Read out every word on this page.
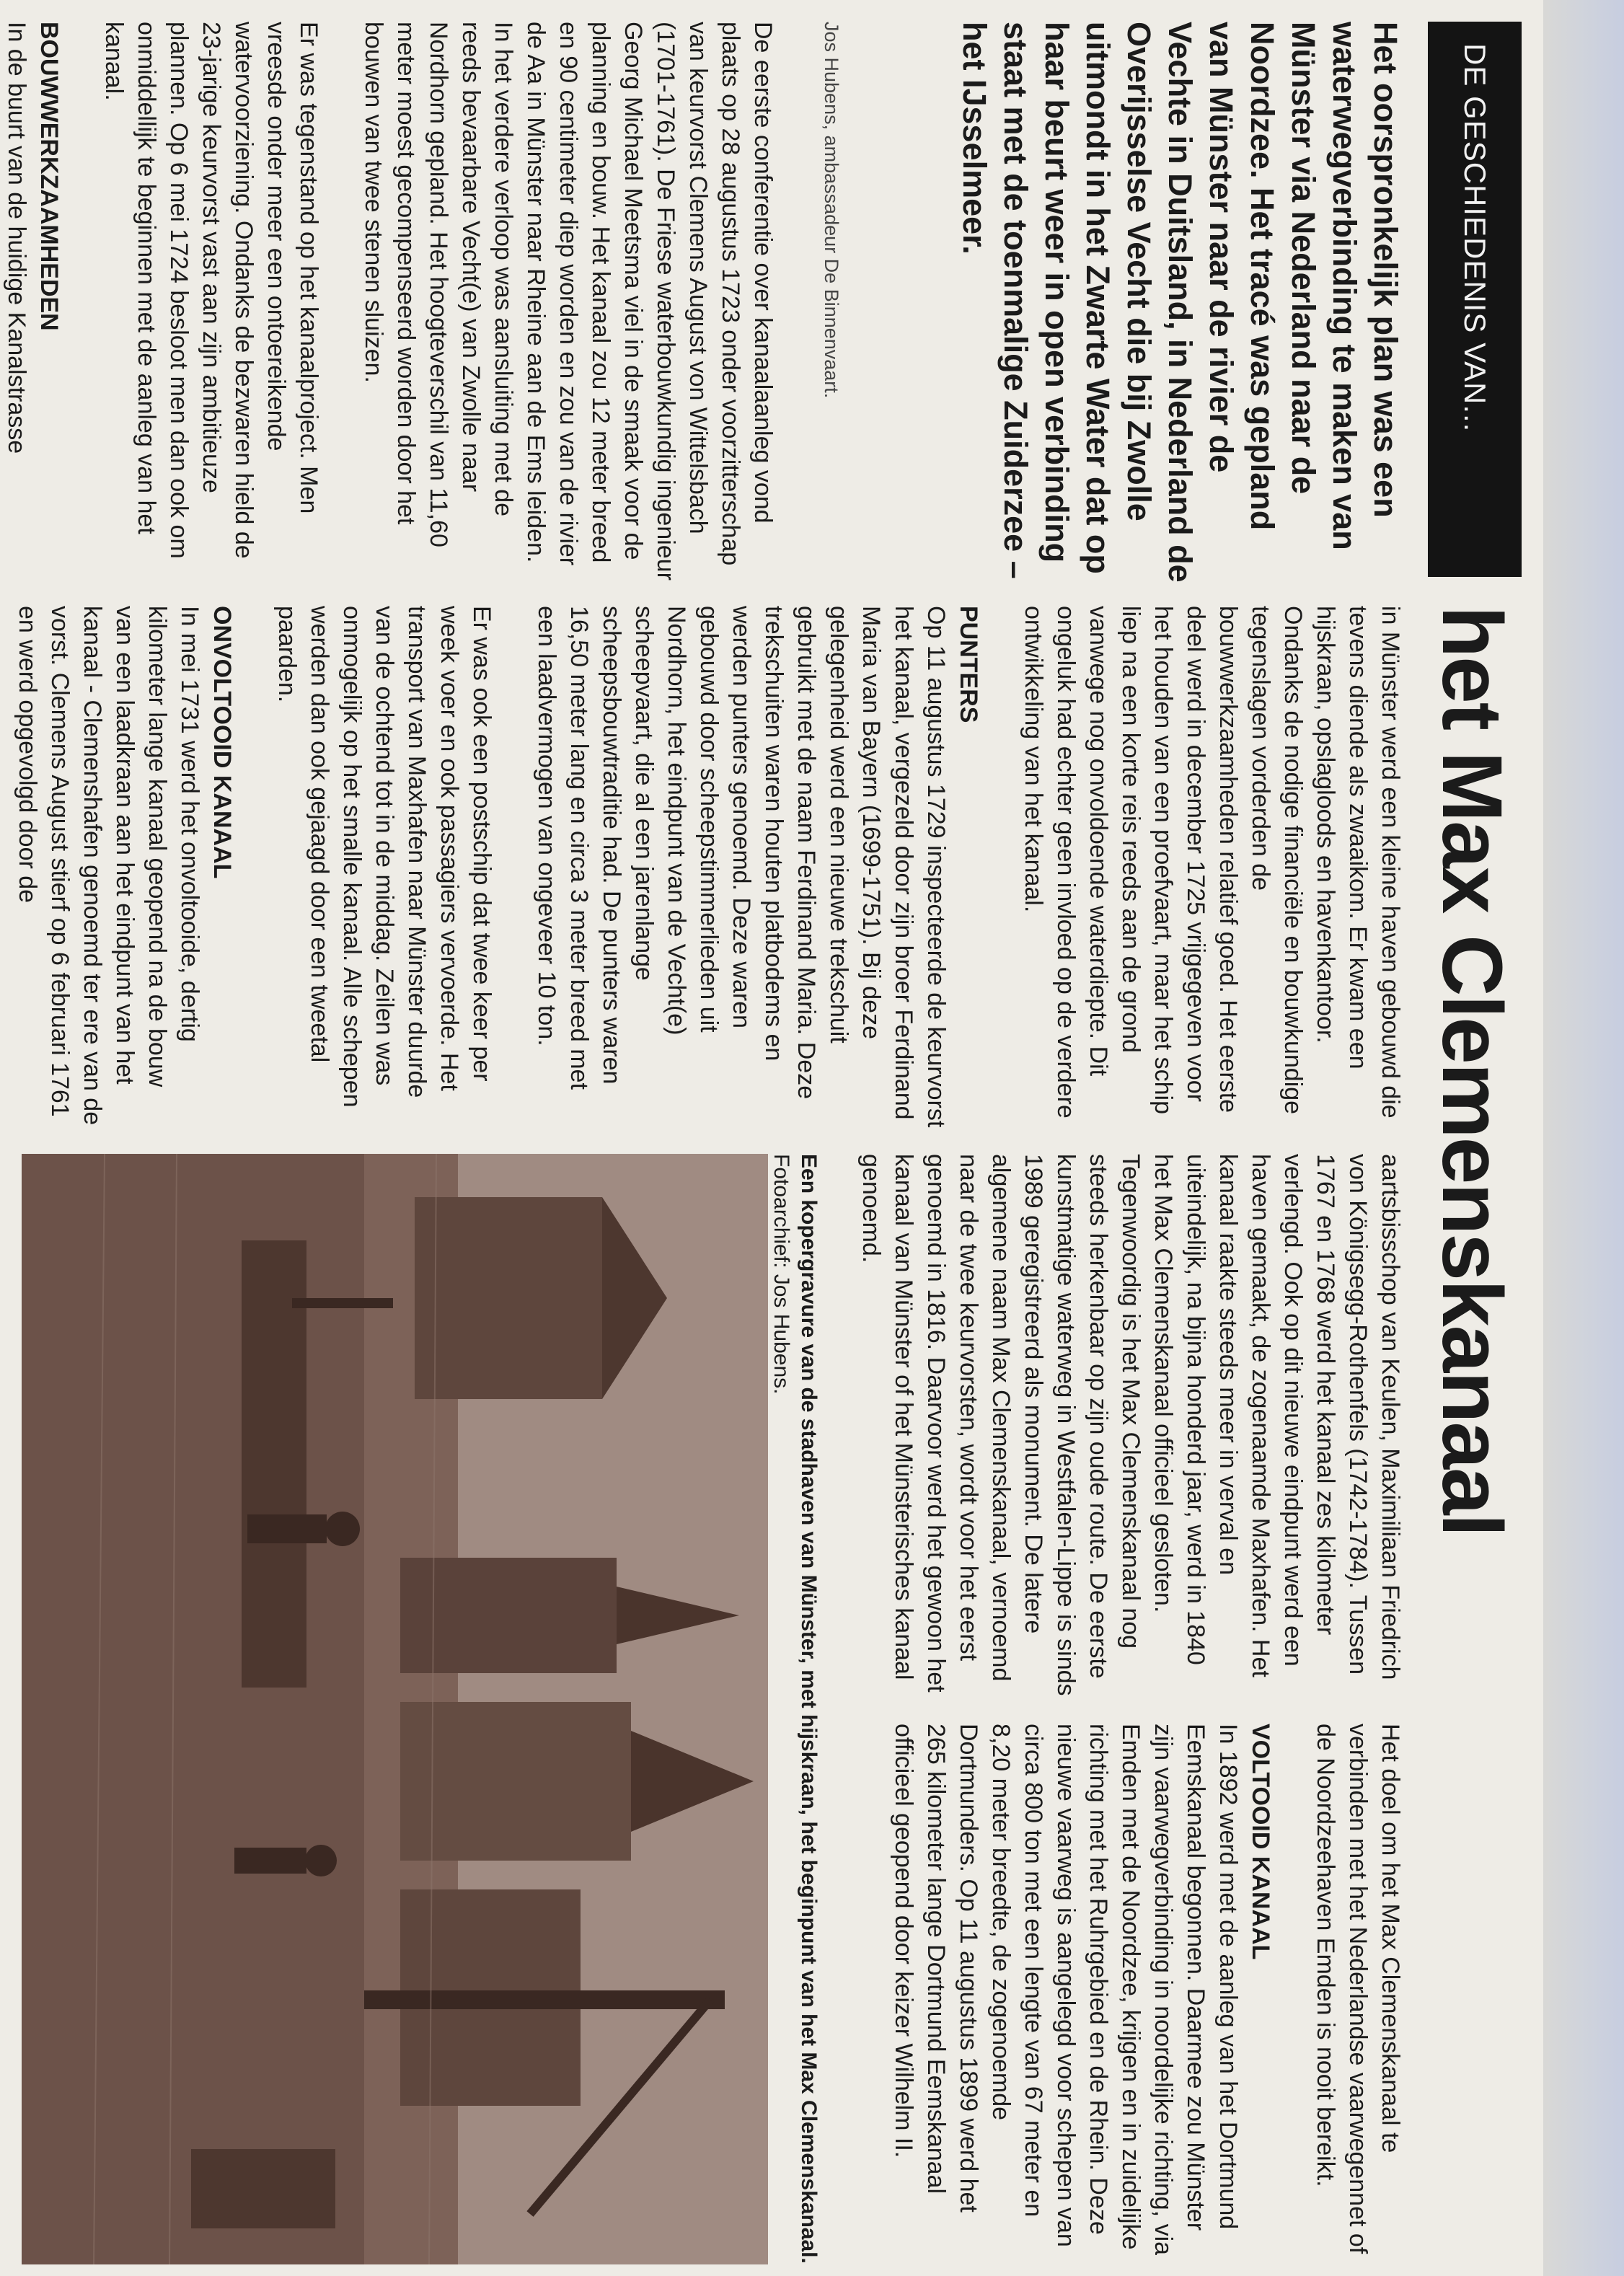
DE GESCHIEDENIS VAN...
het Max Clemenskanaal
Het oorspronkelijk plan was een waterwegverbinding te maken van Münster via Nederland naar de Noordzee. Het tracé was gepland van Münster naar de rivier de Vechte in Duitsland, in Nederland de Overijsselse Vecht die bij Zwolle uitmondt in het Zwarte Water dat op haar beurt weer in open verbinding staat met de toenmalige Zuiderzee – het IJsselmeer.
Jos Hubens, ambassadeur De Binnenvaart.

De eerste conferentie over kanaalaanleg vond plaats op 28 augustus 1723 onder voorzitterschap van keurvorst Clemens August von Wittelsbach (1701-1761). De Friese waterbouwkundig ingenieur Georg Michael Meetsma viel in de smaak voor de planning en bouw. Het kanaal zou 12 meter breed en 90 centimeter diep worden en zou van de rivier de Aa in Münster naar Rheine aan de Ems leiden. In het verdere verloop was aansluiting met de reeds bevaarbare Vecht(e) van Zwolle naar Nordhorn gepland. Het hoogteverschil van 11,60 meter moest gecompenseerd worden door het bouwen van twee stenen sluizen.

Er was tegenstand op het kanaalproject. Men vreesde onder meer een ontoereikende watervoorziening. Ondanks de bezwaren hield de 23-jarige keurvorst vast aan zijn ambitieuze plannen. Op 6 mei 1724 besloot men dan ook om onmiddellijk te beginnen met de aanleg van het kanaal.

BOUWWERKZAAMHEDEN

In de buurt van de huidige Kanalstrasse

in Münster werd een kleine haven gebouwd die tevens diende als zwaaikom. Er kwam een hijskraan, opslagloods en havenkantoor. Ondanks de nodige financiële en bouwkundige tegenslagen vorderden de bouwwerkzaamheden relatief goed. Het eerste deel werd in december 1725 vrijgegeven voor het houden van een proefvaart, maar het schip liep na een korte reis reeds aan de grond vanwege nog onvoldoende waterdiepte. Dit ongeluk had echter geen invloed op de verdere ontwikkeling van het kanaal.

PUNTERS

Op 11 augustus 1729 inspecteerde de keurvorst het kanaal, vergezeld door zijn broer Ferdinand Maria van Bayern (1699-1751). Bij deze gelegenheid werd een nieuwe trekschuit gebruikt met de naam Ferdinand Maria. Deze trekschuiten waren houten platbodems en werden punters genoemd. Deze waren gebouwd door scheepstimmerlieden uit Nordhorn, het eindpunt van de Vecht(e) scheepvaart, die al een jarenlange scheepsbouwtraditie had. De punters waren 16,50 meter lang en circa 3 meter breed met een laadvermogen van ongeveer 10 ton.

Er was ook een postschip dat twee keer per week voer en ook passagiers vervoerde. Het transport van Maxhafen naar Münster duurde van de ochtend tot in de middag. Zeilen was onmogelijk op het smalle kanaal. Alle schepen werden dan ook gejaagd door een tweetal paarden.

ONVOLTOOID KANAAL

In mei 1731 werd het onvoltooide, dertig kilometer lange kanaal geopend na de bouw van een laadkraan aan het eindpunt van het kanaal - Clemenshafen genoemd ter ere van de vorst. Clemens August stierf op 6 februari 1761 en werd opgevolgd door de

Een kopergravure van de stadhaven van Münster, met hijskraan, het beginpunt van het Max Clemenskanaal. Fotoarchief: Jos Hubens.	aartsbisschop van Keulen, Maximiliaan Friedrich von Königsegg-Rothenfels (1742-1784). Tussen 1767 en 1768 werd het kanaal zes kilometer verlengd. Ook op dit nieuwe eindpunt werd een haven gemaakt, de zogenaamde Maxhafen. Het kanaal raakte steeds meer in verval en uiteindelijk, na bijna honderd jaar, werd in 1840 het Max Clemenskanaal officieel gesloten. Tegenwoordig is het Max Clemenskanaal nog steeds herkenbaar op zijn oude route. De eerste kunstmatige waterweg in Westfalen-Lippe is sinds 1989 geregistreerd als monument. De latere algemene naam Max Clemenskanaal, vernoemd naar de twee keurvorsten, wordt voor het eerst genoemd in 1816. Daarvoor werd het gewoon het kanaal van Münster of het Münsterisches kanaal genoemd.

Het doel om het Max Clemenskanaal te verbinden met het Nederlandse vaarwegennet of de Noordzeehaven Emden is nooit bereikt.

VOLTOOID KANAAL

In 1892 werd met de aanleg van het Dortmund Eemskanaal begonnen. Daarmee zou Münster zijn vaarwegverbinding in noordelijke richting, via Emden met de Noordzee, krijgen en in zuidelijke richting met het Ruhrgebied en de Rhein. Deze nieuwe vaarweg is aangelegd voor schepen van circa 800 ton met een lengte van 67 meter en 8,20 meter breedte, de zogenoemde Dortmunders. Op 11 augustus 1899 werd het 265 kilometer lange Dortmund Eemskanaal officieel geopend door keizer Wilhelm II.
